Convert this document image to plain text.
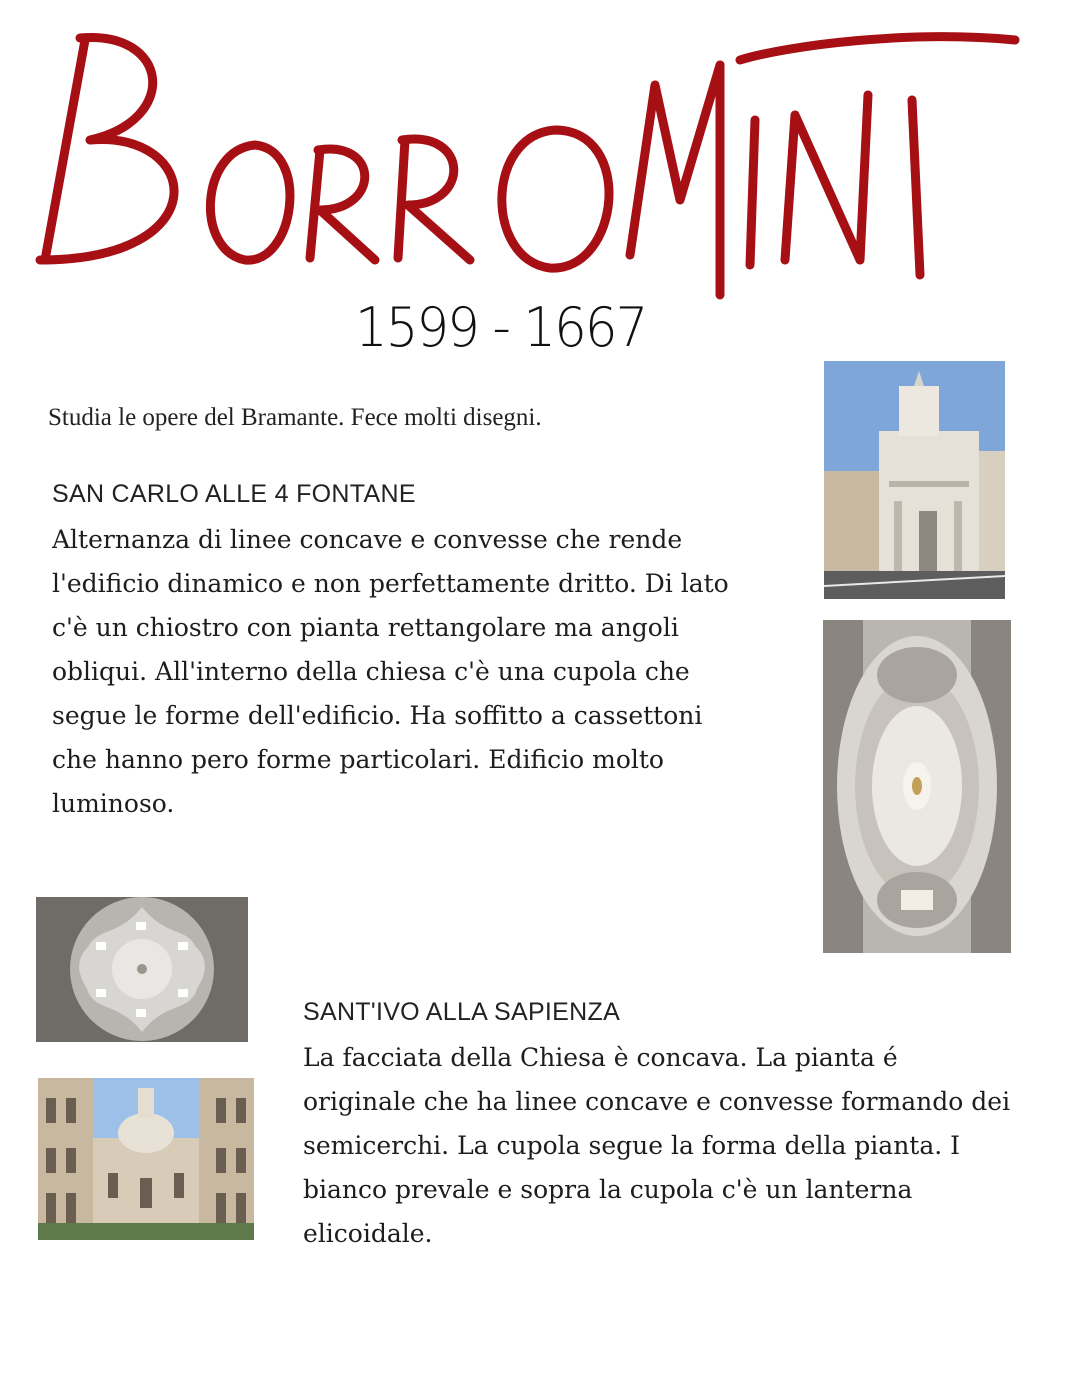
1599 - 1667
Studia le opere del Bramante. Fece molti disegni.
SAN CARLO ALLE 4 FONTANE

Alternanza di linee concave e convesse che rende l'edificio dinamico e non perfettamente dritto. Di lato c'è un chiostro con pianta rettangolare ma angoli obliqui. All'interno della chiesa c'è una cupola che segue le forme dell'edificio. Ha soffitto a cassettoni che hanno pero forme particolari. Edificio molto luminoso.

SANT'IVO ALLA SAPIENZA

La facciata della Chiesa è concava. La pianta é originale che ha linee concave e convesse formando dei semicerchi. La cupola segue la forma della pianta. I bianco prevale e sopra la cupola c'è un lanterna elicoidale.
